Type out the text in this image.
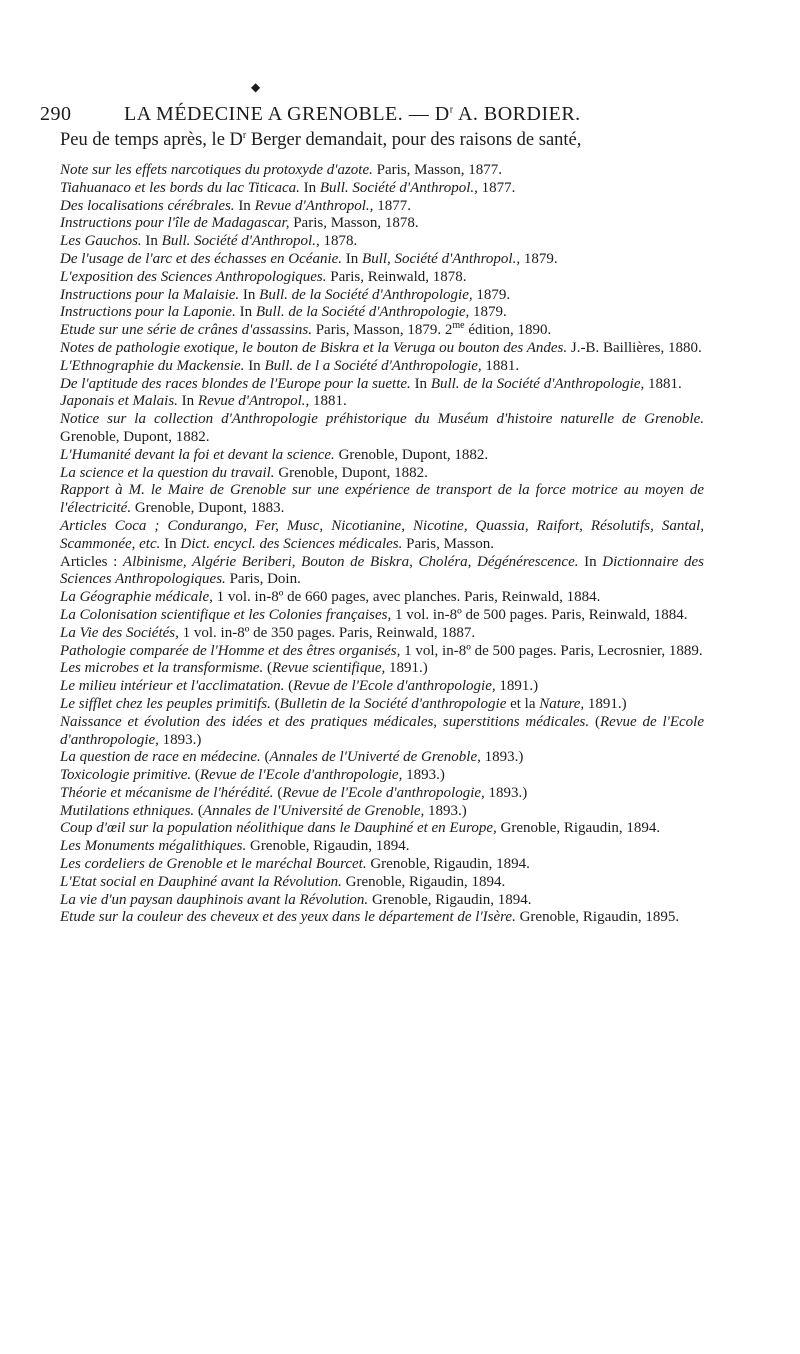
◆
290	LA MÉDECINE A GRENOBLE. — $D^r$ A. BORDIER.
Peu de temps après, le $D^r$ Berger demandait, pour des raisons de santé,

Note sur les effets narcotiques du protoxyde d'azote. Paris, Masson, 1877.

Tiahuanaco et les bords du lac Titicaca. In Bull. Société d'Anthropol., 1877.

Des localisations cérébrales. In Revue d'Anthropol., 1877.

Instructions pour l'île de Madagascar, Paris, Masson, 1878.

Les Gauchos. In Bull. Société d'Anthropol., 1878.

De l'usage de l'arc et des échasses en Océanie. In Bull, Société d'Anthropol., 1879.

L'exposition des Sciences Anthropologiques. Paris, Reinwald, 1878.

Instructions pour la Malaisie. In Bull. de la Société d'Anthropologie, 1879.

Instructions pour la Laponie. In Bull. de la Société d'Anthropologie, 1879.

Etude sur une série de crânes d'assassins. Paris, Masson, 1879. $2^{me}$ édition, 1890.

Notes de pathologie exotique, le bouton de Biskra et la Veruga ou bouton des Andes. J.-B. Baillières, 1880.

L'Ethnographie du Mackensie. In Bull. de l a Société d'Anthropologie, 1881.

De l'aptitude des races blondes de l'Europe pour la suette. In Bull. de la Société d'Anthropologie, 1881.

Japonais et Malais. In Revue d'Antropol., 1881.

Notice sur la collection d'Anthropologie préhistorique du Muséum d'histoire naturelle de Grenoble. Grenoble, Dupont, 1882.

L'Humanité devant la foi et devant la science. Grenoble, Dupont, 1882.

La science et la question du travail. Grenoble, Dupont, 1882.

Rapport à M. le Maire de Grenoble sur une expérience de transport de la force motrice au moyen de l'électricité. Grenoble, Dupont, 1883.

Articles Coca ; Condurango, Fer, Musc, Nicotianine, Nicotine, Quassia, Raifort, Résolutifs, Santal, Scammonée, etc. In Dict. encycl. des Sciences médicales. Paris, Masson.

Articles : Albinisme, Algérie Beriberi, Bouton de Biskra, Choléra, Dégénérescence. In Dictionnaire des Sciences Anthropologiques. Paris, Doin.

La Géographie médicale, 1 vol. in-8º de 660 pages, avec planches. Paris, Reinwald, 1884.

La Colonisation scientifique et les Colonies françaises, 1 vol. in-8º de 500 pages. Paris, Reinwald, 1884.

La Vie des Sociétés, 1 vol. in-8º de 350 pages. Paris, Reinwald, 1887.

Pathologie comparée de l'Homme et des êtres organisés, 1 vol, in-8º de 500 pages. Paris, Lecrosnier, 1889.

Les microbes et la transformisme. (Revue scientifique, 1891.)

Le milieu intérieur et l'acclimatation. (Revue de l'Ecole d'anthropologie, 1891.)

Le sifflet chez les peuples primitifs. (Bulletin de la Société d'anthropologie et la Nature, 1891.)

Naissance et évolution des idées et des pratiques médicales, superstitions médicales. (Revue de l'Ecole d'anthropologie, 1893.)

La question de race en médecine. (Annales de l'Univerté de Grenoble, 1893.)

Toxicologie primitive. (Revue de l'Ecole d'anthropologie, 1893.)

Théorie et mécanisme de l'hérédité. (Revue de l'Ecole d'anthropologie, 1893.)

Mutilations ethniques. (Annales de l'Université de Grenoble, 1893.)

Coup d'œil sur la population néolithique dans le Dauphiné et en Europe, Grenoble, Rigaudin, 1894.

Les Monuments mégalithiques. Grenoble, Rigaudin, 1894.

Les cordeliers de Grenoble et le maréchal Bourcet. Grenoble, Rigaudin, 1894.

L'Etat social en Dauphiné avant la Révolution. Grenoble, Rigaudin, 1894.

La vie d'un paysan dauphinois avant la Révolution. Grenoble, Rigaudin, 1894.

Etude sur la couleur des cheveux et des yeux dans le département de l'Isère. Grenoble, Rigaudin, 1895.
